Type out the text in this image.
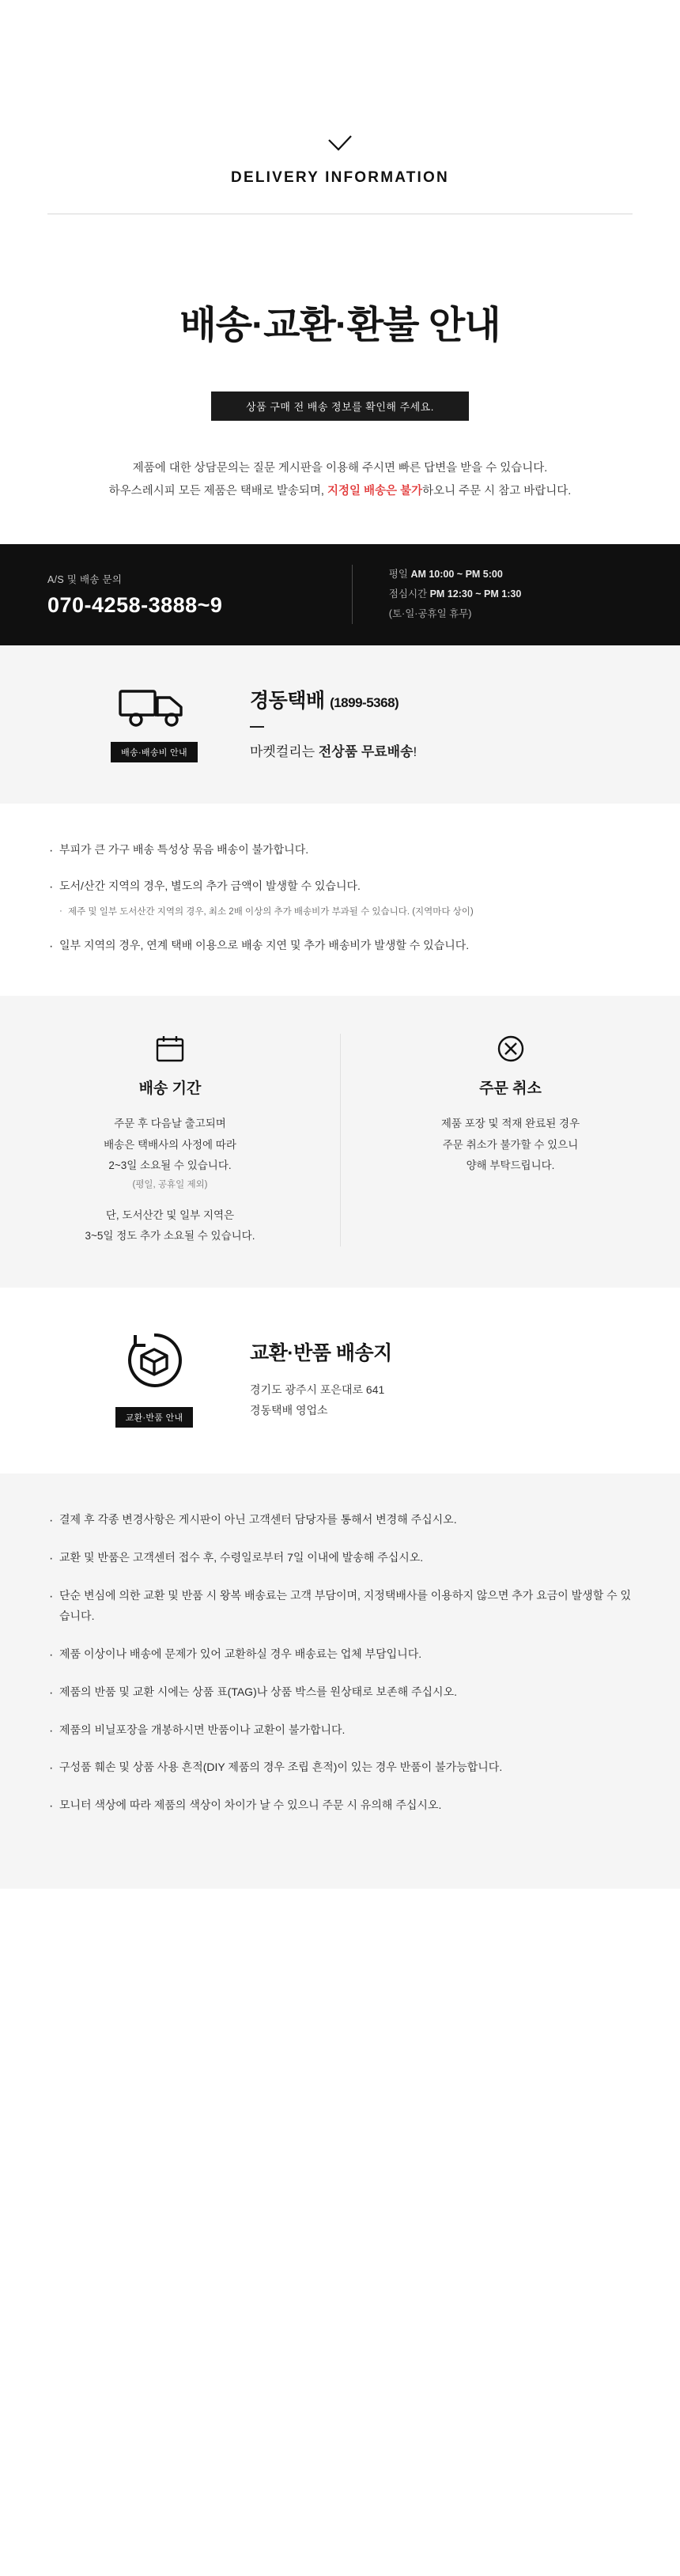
DELIVERY INFORMATION
배송·교환·환불 안내
상품 구매 전 배송 정보를 확인해 주세요.
제품에 대한 상담문의는 질문 게시판을 이용해 주시면 빠른 답변을 받을 수 있습니다.
하우스레시피 모든 제품은 택배로 발송되며, 지정일 배송은 불가하오니 주문 시 참고 바랍니다.
A/S 및 배송 문의
070-4258-3888~9
평일 AM 10:00 ~ PM 5:00
점심시간 PM 12:30 ~ PM 1:30
(토·일·공휴일 휴무)
배송·배송비 안내
경동택배 (1899-5368)
마켓컬리는 전상품 무료배송!
· 부피가 큰 가구 배송 특성상 묶음 배송이 불가합니다.
· 도서/산간 지역의 경우, 별도의 추가 금액이 발생할 수 있습니다.
· 제주 및 일부 도서산간 지역의 경우, 최소 2배 이상의 추가 배송비가 부과될 수 있습니다. (지역마다 상이)
· 일부 지역의 경우, 연계 택배 이용으로 배송 지연 및 추가 배송비가 발생할 수 있습니다.
배송 기간
주문 후 다음날 출고되며
배송은 택배사의 사정에 따라
2~3일 소요될 수 있습니다.
(평일, 공휴일 제외)
단, 도서산간 및 일부 지역은
3~5일 정도 추가 소요될 수 있습니다.
주문 취소
제품 포장 및 적재 완료된 경우
주문 취소가 불가할 수 있으니
양해 부탁드립니다.
교환·반품 안내
교환·반품 배송지
경기도 광주시 포은대로 641
경동택배 영업소
· 결제 후 각종 변경사항은 게시판이 아닌 고객센터 담당자를 통해서 변경해 주십시오.
· 교환 및 반품은 고객센터 접수 후, 수령일로부터 7일 이내에 발송해 주십시오.
· 단순 변심에 의한 교환 및 반품 시 왕복 배송료는 고객 부담이며, 지정택배사를 이용하지 않으면 추가 요금이 발생할 수 있습니다.
· 제품 이상이나 배송에 문제가 있어 교환하실 경우 배송료는 업체 부담입니다.
· 제품의 반품 및 교환 시에는 상품 표(TAG)나 상품 박스를 원상태로 보존해 주십시오.
· 제품의 비닐포장을 개봉하시면 반품이나 교환이 불가합니다.
· 구성품 훼손 및 상품 사용 흔적(DIY 제품의 경우 조립 흔적)이 있는 경우 반품이 불가능합니다.
· 모니터 색상에 따라 제품의 색상이 차이가 날 수 있으니 주문 시 유의해 주십시오.
